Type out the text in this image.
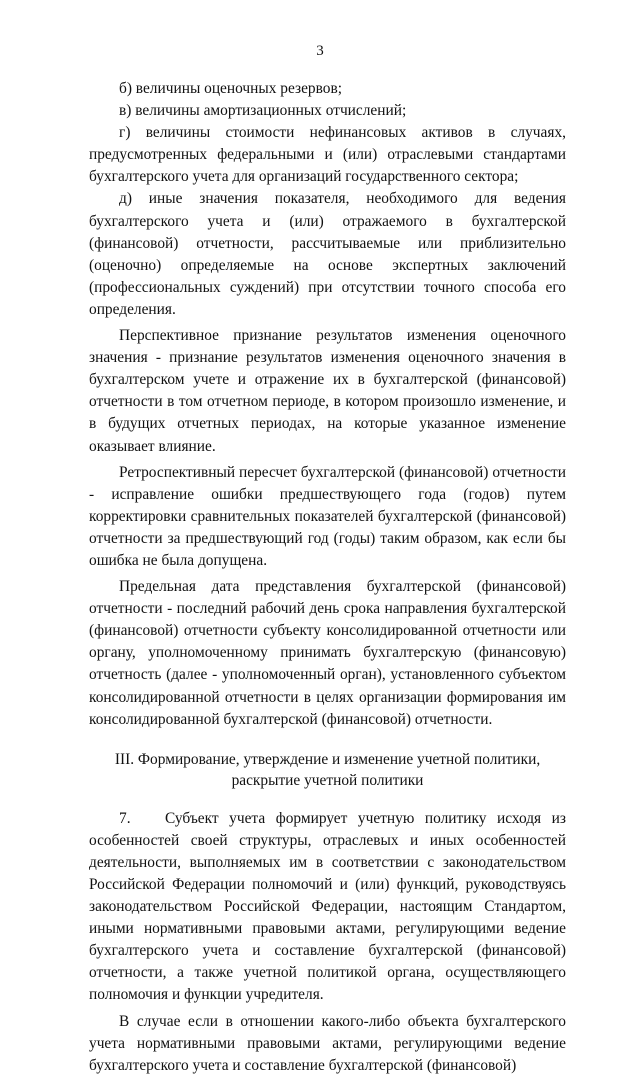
3

б) величины оценочных резервов;

в) величины амортизационных отчислений;

г) величины стоимости нефинансовых активов в случаях, предусмотренных федеральными и (или) отраслевыми стандартами бухгалтерского учета для организаций государственного сектора;

д) иные значения показателя, необходимого для ведения бухгалтерского учета и (или) отражаемого в бухгалтерской (финансовой) отчетности, рассчитываемые или приблизительно (оценочно) определяемые на основе экспертных заключений (профессиональных суждений) при отсутствии точного способа его определения.

Перспективное признание результатов изменения оценочного значения - признание результатов изменения оценочного значения в бухгалтерском учете и отражение их в бухгалтерской (финансовой) отчетности в том отчетном периоде, в котором произошло изменение, и в будущих отчетных периодах, на которые указанное изменение оказывает влияние.

Ретроспективный пересчет бухгалтерской (финансовой) отчетности - исправление ошибки предшествующего года (годов) путем корректировки сравнительных показателей бухгалтерской (финансовой) отчетности за предшествующий год (годы) таким образом, как если бы ошибка не была допущена.

Предельная дата представления бухгалтерской (финансовой) отчетности - последний рабочий день срока направления бухгалтерской (финансовой) отчетности субъекту консолидированной отчетности или органу, уполномоченному принимать бухгалтерскую (финансовую) отчетность (далее - уполномоченный орган), установленного субъектом консолидированной отчетности в целях организации формирования им консолидированной бухгалтерской (финансовой) отчетности.

III. Формирование, утверждение и изменение учетной политики,
раскрытие учетной политики

7. Субъект учета формирует учетную политику исходя из особенностей своей структуры, отраслевых и иных особенностей деятельности, выполняемых им в соответствии с законодательством Российской Федерации полномочий и (или) функций, руководствуясь законодательством Российской Федерации, настоящим Стандартом, иными нормативными правовыми актами, регулирующими ведение бухгалтерского учета и составление бухгалтерской (финансовой) отчетности, а также учетной политикой органа, осуществляющего полномочия и функции учредителя.

В случае если в отношении какого-либо объекта бухгалтерского учета нормативными правовыми актами, регулирующими ведение бухгалтерского учета и составление бухгалтерской (финансовой)
